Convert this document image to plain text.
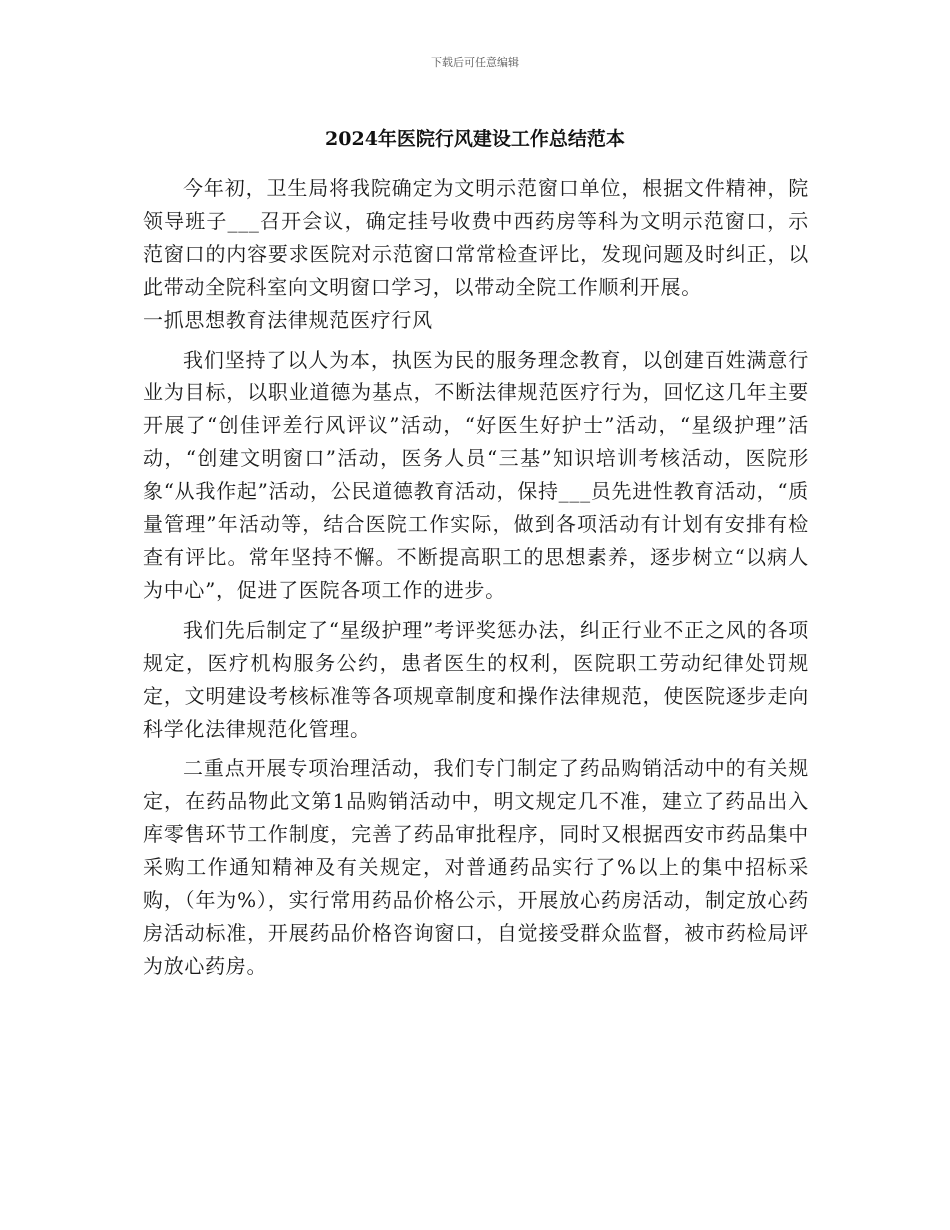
下载后可任意编辑
2024年医院行风建设工作总结范本

今年初，卫生局将我院确定为文明示范窗口单位，根据文件精神，院领导班子___召开会议，确定挂号收费中西药房等科为文明示范窗口，示范窗口的内容要求医院对示范窗口常常检查评比，发现问题及时纠正，以此带动全院科室向文明窗口学习，以带动全院工作顺利开展。

一抓思想教育法律规范医疗行风

我们坚持了以人为本，执医为民的服务理念教育，以创建百姓满意行业为目标，以职业道德为基点，不断法律规范医疗行为，回忆这几年主要开展了“创佳评差行风评议”活动，“好医生好护士”活动，“星级护理”活动，“创建文明窗口”活动，医务人员“三基”知识培训考核活动，医院形象“从我作起”活动，公民道德教育活动，保持___员先进性教育活动，“质量管理”年活动等，结合医院工作实际，做到各项活动有计划有安排有检查有评比。常年坚持不懈。不断提高职工的思想素养，逐步树立“以病人为中心”，促进了医院各项工作的进步。

我们先后制定了“星级护理”考评奖惩办法，纠正行业不正之风的各项规定，医疗机构服务公约，患者医生的权利，医院职工劳动纪律处罚规定，文明建设考核标准等各项规章制度和操作法律规范，使医院逐步走向科学化法律规范化管理。

二重点开展专项治理活动，我们专门制定了药品购销活动中的有关规定，在药品物此文第1品购销活动中，明文规定几不准，建立了药品出入库零售环节工作制度，完善了药品审批程序，同时又根据西安市药品集中采购工作通知精神及有关规定，对普通药品实行了%以上的集中招标采购，（年为%），实行常用药品价格公示，开展放心药房活动，制定放心药房活动标准，开展药品价格咨询窗口，自觉接受群众监督，被市药检局评为放心药房。
